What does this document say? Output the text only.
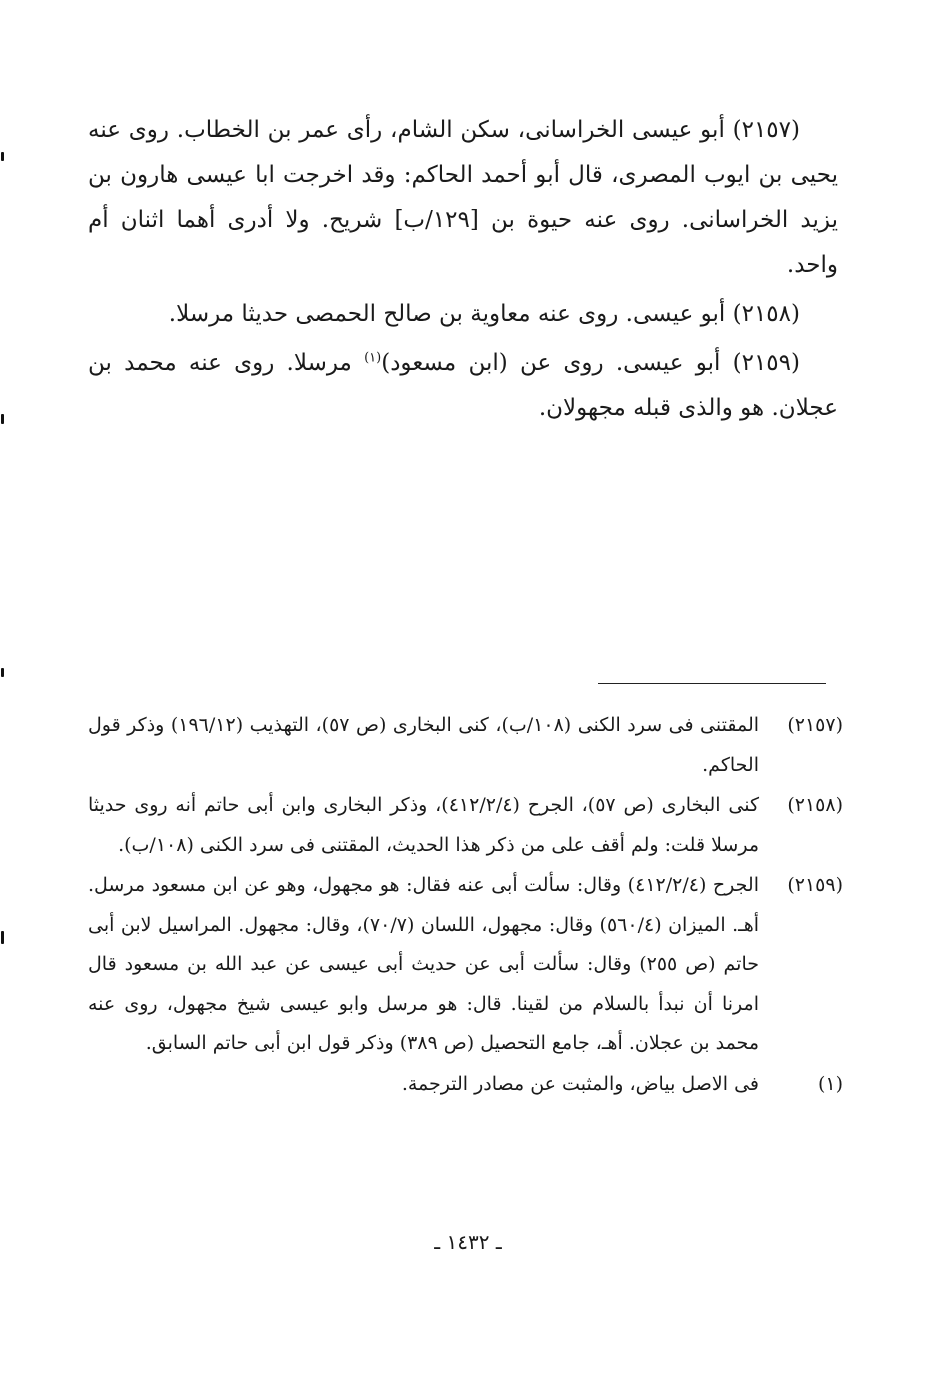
(٢١٥٧) أبو عيسى الخراسانى، سكن الشام، رأى عمر بن الخطاب. روى عنه يحيى بن ايوب المصرى، قال أبو أحمد الحاكم: وقد اخرجت ابا عيسى هارون بن يزيد الخراسانى. روى عنه حيوة بن [١٢٩/ب] شريح. ولا أدرى أهما اثنان أم واحد.

(٢١٥٨) أبو عيسى. روى عنه معاوية بن صالح الحمصى حديثا مرسلا.

(٢١٥٩) أبو عيسى. روى عن (ابن مسعود)$^{(١)}$ مرسلا. روى عنه محمد بن عجلان. هو والذى قبله مجهولان.

(٢١٥٧)
المقتنى فى سرد الكنى (١٠٨/ب)، كنى البخارى (ص ٥٧)، التهذيب (١٩٦/١٢) وذكر قول الحاكم.
(٢١٥٨)
كنى البخارى (ص ٥٧)، الجرح (٤١٢/٢/٤)، وذكر البخارى وابن أبى حاتم أنه روى حديثا مرسلا قلت: ولم أقف على من ذكر هذا الحديث، المقتنى فى سرد الكنى (١٠٨/ب).
(٢١٥٩)
الجرح (٤١٢/٢/٤) وقال: سألت أبى عنه فقال: هو مجهول، وهو عن ابن مسعود مرسل. أهـ. الميزان (٥٦٠/٤) وقال: مجهول، اللسان (٧٠/٧)، وقال: مجهول. المراسيل لابن أبى حاتم (ص ٢٥٥) وقال: سألت أبى عن حديث أبى عيسى عن عبد الله بن مسعود قال امرنا أن نبدأ بالسلام من لقينا. قال: هو مرسل وابو عيسى شيخ مجهول، روى عنه محمد بن عجلان. أهـ، جامع التحصيل (ص ٣٨٩) وذكر قول ابن أبى حاتم السابق.
(١)
فى الاصل بياض، والمثبت عن مصادر الترجمة.
ـ ١٤٣٢ ـ
